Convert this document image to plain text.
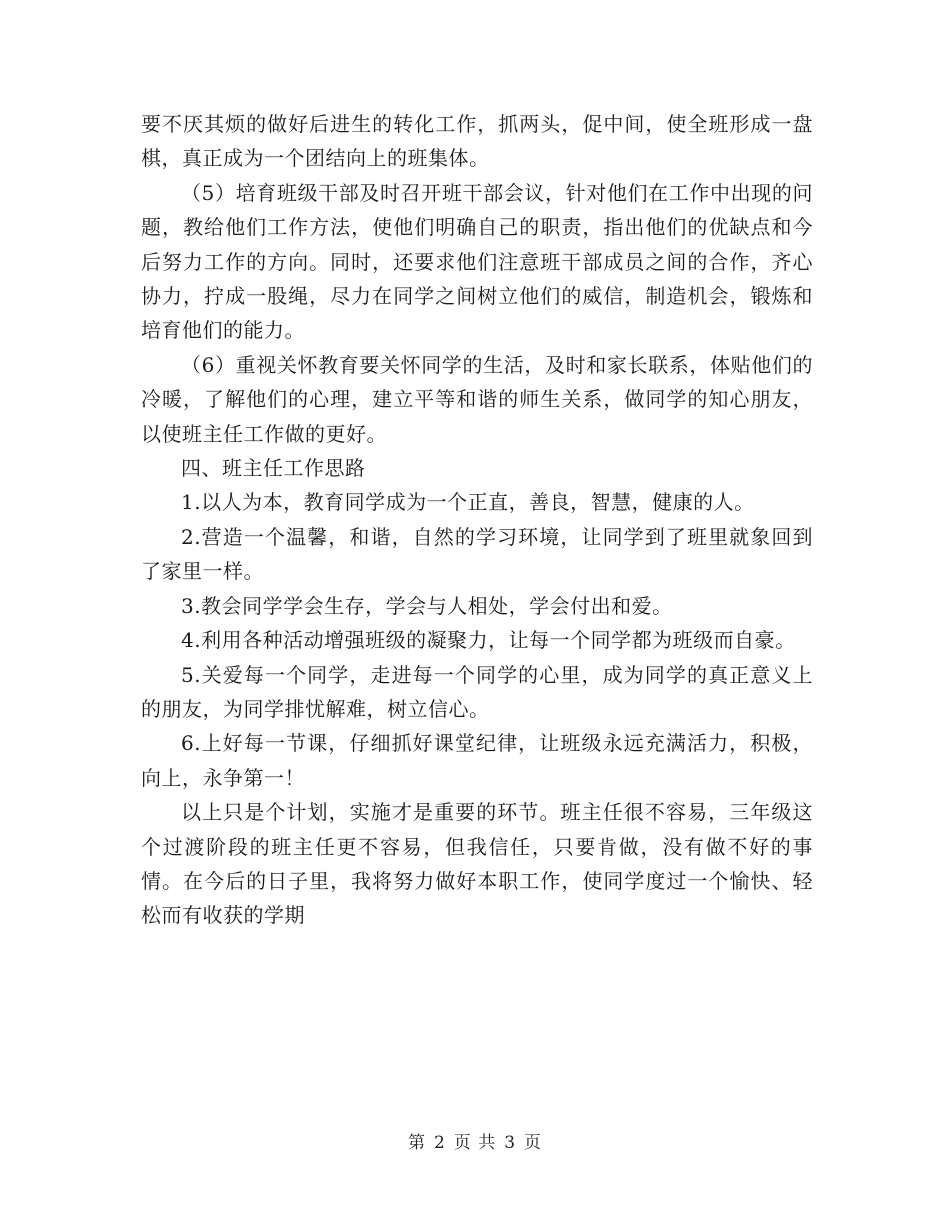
要不厌其烦的做好后进生的转化工作，抓两头，促中间，使全班形成一盘棋，真正成为一个团结向上的班集体。

（5）培育班级干部及时召开班干部会议，针对他们在工作中出现的问题，教给他们工作方法，使他们明确自己的职责，指出他们的优缺点和今后努力工作的方向。同时，还要求他们注意班干部成员之间的合作，齐心协力，拧成一股绳，尽力在同学之间树立他们的威信，制造机会，锻炼和培育他们的能力。

（6）重视关怀教育要关怀同学的生活，及时和家长联系，体贴他们的冷暖，了解他们的心理，建立平等和谐的师生关系，做同学的知心朋友，以使班主任工作做的更好。

四、班主任工作思路

1.以人为本，教育同学成为一个正直，善良，智慧，健康的人。

2.营造一个温馨，和谐，自然的学习环境，让同学到了班里就象回到了家里一样。

3.教会同学学会生存，学会与人相处，学会付出和爱。

4.利用各种活动增强班级的凝聚力，让每一个同学都为班级而自豪。

5.关爱每一个同学，走进每一个同学的心里，成为同学的真正意义上的朋友，为同学排忧解难，树立信心。

6.上好每一节课，仔细抓好课堂纪律，让班级永远充满活力，积极，向上，永争第一！

以上只是个计划，实施才是重要的环节。班主任很不容易，三年级这个过渡阶段的班主任更不容易，但我信任，只要肯做，没有做不好的事情。在今后的日子里，我将努力做好本职工作，使同学度过一个愉快、轻松而有收获的学期

第 2 页 共 3 页
